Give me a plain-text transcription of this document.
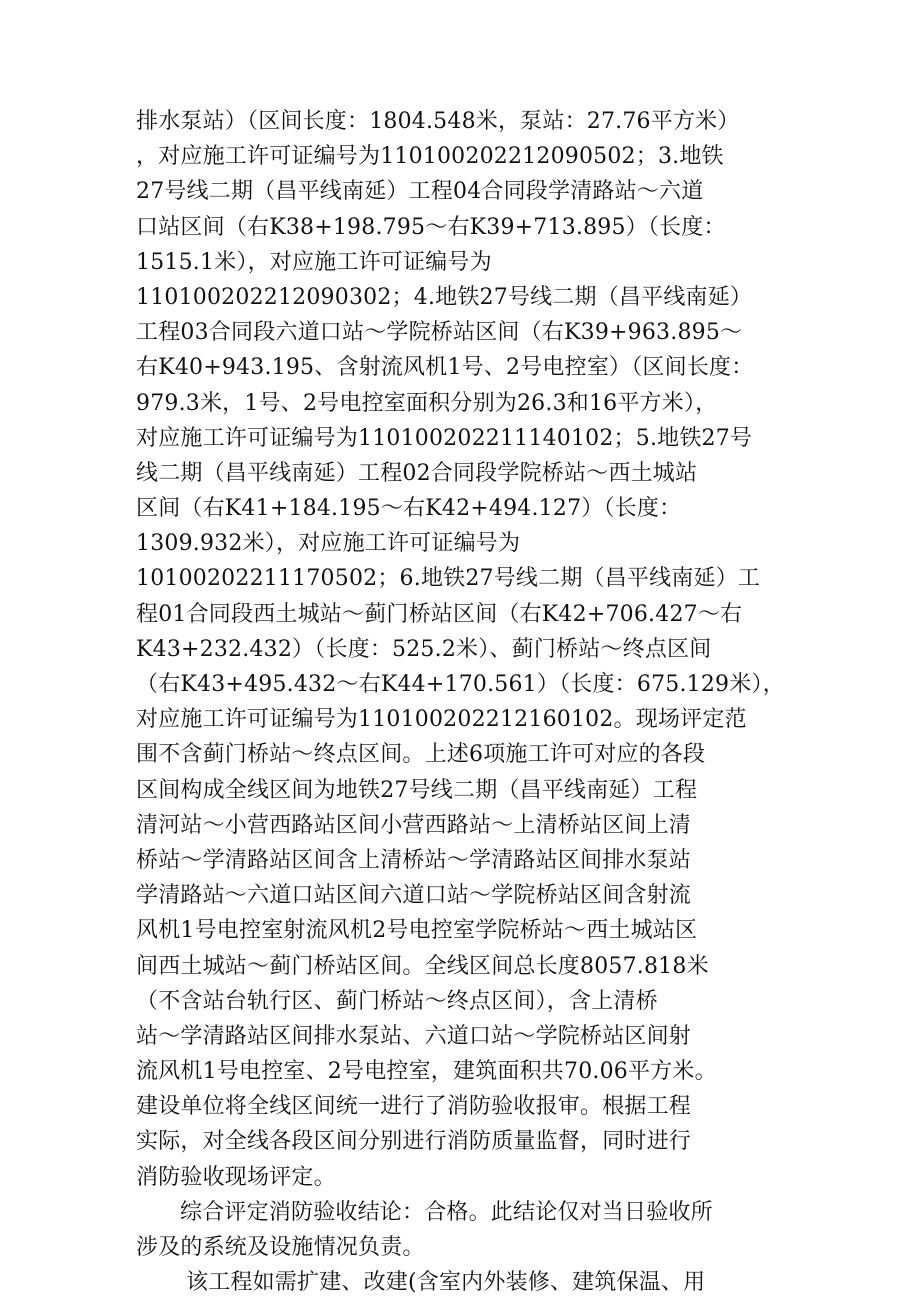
排水泵站）（区间长度：1804.548米，泵站：27.76平方米）
，对应施工许可证编号为110100202212090502；3.地铁
27号线二期（昌平线南延）工程04合同段学清路站～六道
口站区间（右K38+198.795～右K39+713.895）（长度：
1515.1米），对应施工许可证编号为
110100202212090302；4.地铁27号线二期（昌平线南延）
工程03合同段六道口站～学院桥站区间（右K39+963.895～
右K40+943.195、含射流风机1号、2号电控室）（区间长度：
979.3米，1号、2号电控室面积分别为26.3和16平方米），
对应施工许可证编号为110100202211140102；5.地铁27号
线二期（昌平线南延）工程02合同段学院桥站～西土城站
区间（右K41+184.195～右K42+494.127）（长度：
1309.932米），对应施工许可证编号为
10100202211170502；6.地铁27号线二期（昌平线南延）工
程01合同段西土城站～蓟门桥站区间（右K42+706.427～右
K43+232.432）（长度：525.2米）、蓟门桥站～终点区间
（右K43+495.432～右K44+170.561）（长度：675.129米），
对应施工许可证编号为110100202212160102。现场评定范
围不含蓟门桥站～终点区间。上述6项施工许可对应的各段
区间构成全线区间为地铁27号线二期（昌平线南延）工程
清河站～小营西路站区间小营西路站～上清桥站区间上清
桥站～学清路站区间含上清桥站～学清路站区间排水泵站
学清路站～六道口站区间六道口站～学院桥站区间含射流
风机1号电控室射流风机2号电控室学院桥站～西土城站区
间西土城站～蓟门桥站区间。全线区间总长度8057.818米
（不含站台轨行区、蓟门桥站～终点区间），含上清桥
站～学清路站区间排水泵站、六道口站～学院桥站区间射
流风机1号电控室、2号电控室，建筑面积共70.06平方米。
建设单位将全线区间统一进行了消防验收报审。根据工程
实际，对全线各段区间分别进行消防质量监督，同时进行
消防验收现场评定。
综合评定消防验收结论：合格。此结论仅对当日验收所
涉及的系统及设施情况负责。
该工程如需扩建、改建(含室内外装修、建筑保温、用
